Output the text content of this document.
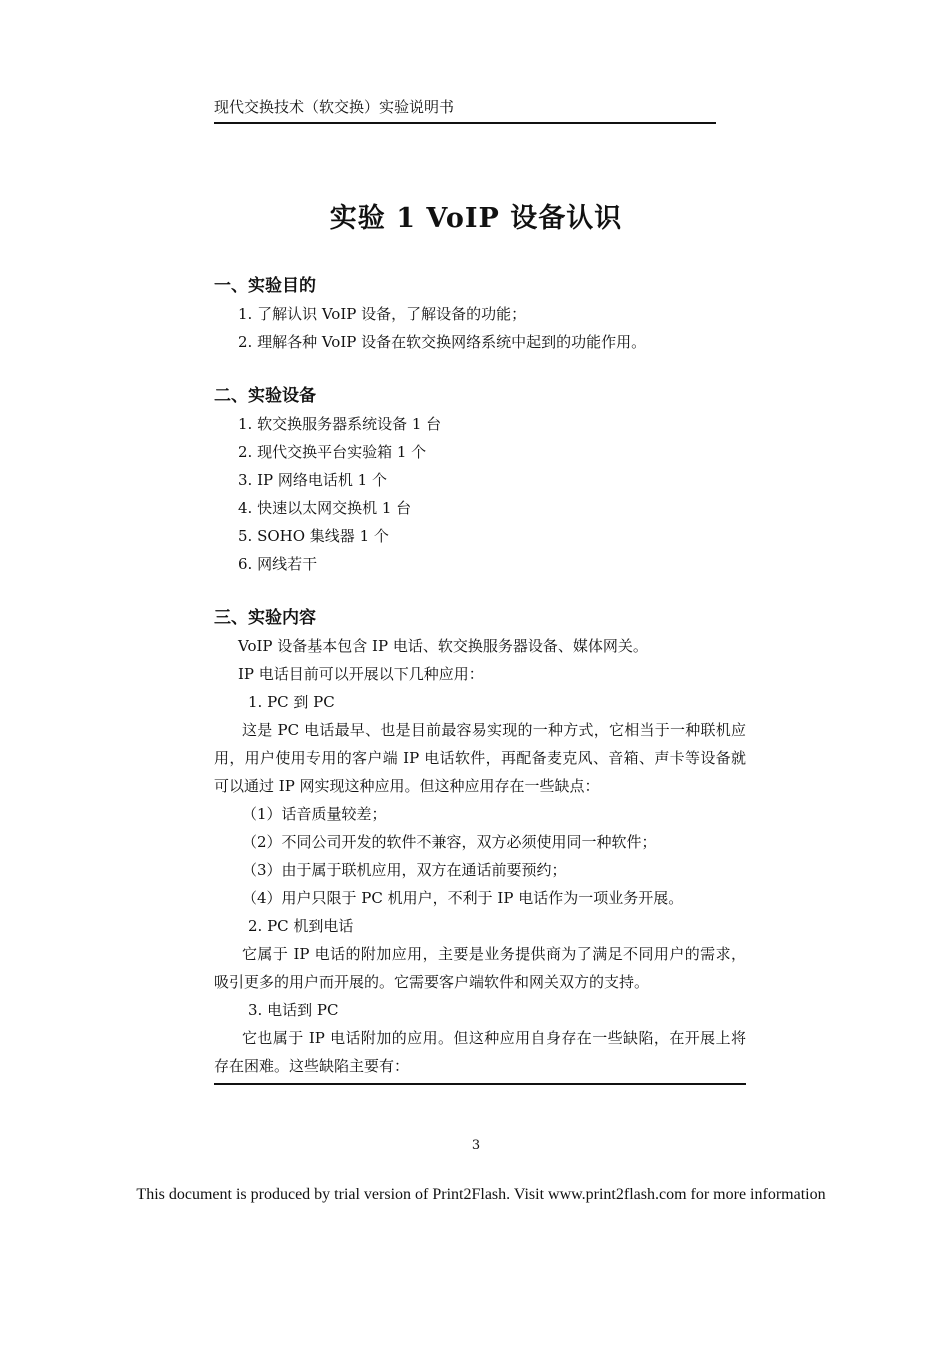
现代交换技术（软交换）实验说明书
实验 1 VoIP 设备认识
一、实验目的
1. 了解认识 VoIP 设备，了解设备的功能；
2. 理解各种 VoIP 设备在软交换网络系统中起到的功能作用。
二、实验设备
1. 软交换服务器系统设备 1 台
2. 现代交换平台实验箱 1 个
3. IP 网络电话机 1 个
4. 快速以太网交换机 1 台
5. SOHO 集线器 1 个
6. 网线若干
三、实验内容
VoIP 设备基本包含 IP 电话、软交换服务器设备、媒体网关。
IP 电话目前可以开展以下几种应用：
1. PC 到 PC
这是 PC 电话最早、也是目前最容易实现的一种方式，它相当于一种联机应用，用户使用专用的客户端 IP 电话软件，再配备麦克风、音箱、声卡等设备就可以通过 IP 网实现这种应用。但这种应用存在一些缺点：
（1）话音质量较差；
（2）不同公司开发的软件不兼容，双方必须使用同一种软件；
（3）由于属于联机应用，双方在通话前要预约；
（4）用户只限于 PC 机用户，不利于 IP 电话作为一项业务开展。
2. PC 机到电话
它属于 IP 电话的附加应用，主要是业务提供商为了满足不同用户的需求，吸引更多的用户而开展的。它需要客户端软件和网关双方的支持。
3. 电话到 PC
它也属于 IP 电话附加的应用。但这种应用自身存在一些缺陷，在开展上将存在困难。这些缺陷主要有：
3
This document is produced by trial version of Print2Flash. Visit www.print2flash.com for more information
